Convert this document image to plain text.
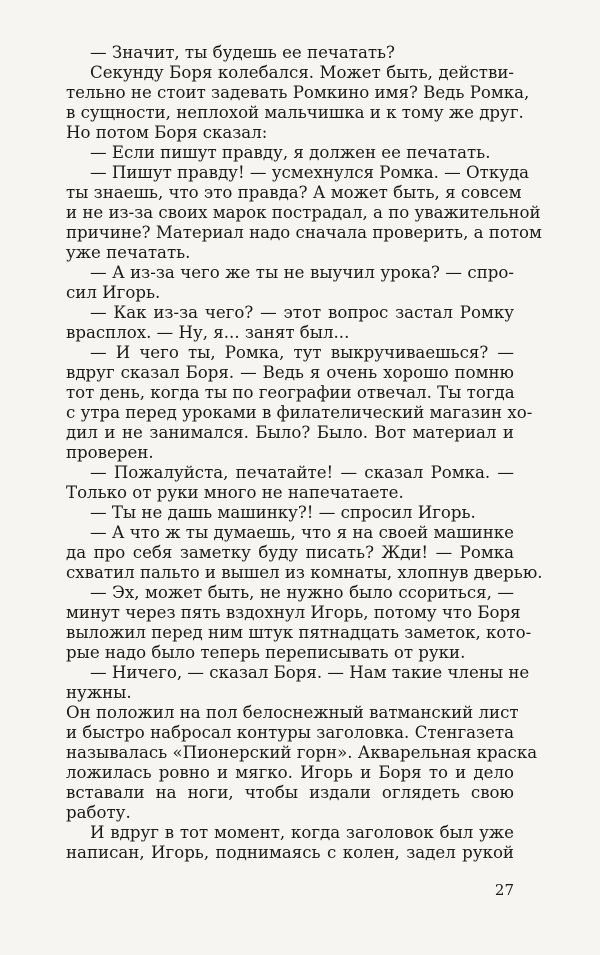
— Значит, ты будешь ее печатать?
Секунду Боря колебался. Может быть, действи-
тельно не стоит задевать Ромкино имя? Ведь Ромка,
в сущности, неплохой мальчишка и к тому же друг.
Но потом Боря сказал:
— Если пишут правду, я должен ее печатать.
— Пишут правду! — усмехнулся Ромка. — Откуда
ты знаешь, что это правда? А может быть, я совсем
и не из-за своих марок пострадал, а по уважительной
причине? Материал надо сначала проверить, а потом
уже печатать.
— А из-за чего же ты не выучил урока? — спро-
сил Игорь.
— Как из-за чего? — этот вопрос застал Ромку
врасплох. — Ну, я... занят был...
— И чего ты, Ромка, тут выкручиваешься? —
вдруг сказал Боря. — Ведь я очень хорошо помню
тот день, когда ты по географии отвечал. Ты тогда
с утра перед уроками в филателический магазин хо-
дил и не занимался. Было? Было. Вот материал и
проверен.
— Пожалуйста, печатайте! — сказал Ромка. —
Только от руки много не напечатаете.
— Ты не дашь машинку?! — спросил Игорь.
— А что ж ты думаешь, что я на своей машинке
да про себя заметку буду писать? Жди! — Ромка
схватил пальто и вышел из комнаты, хлопнув дверью.
— Эх, может быть, не нужно было ссориться, —
минут через пять вздохнул Игорь, потому что Боря
выложил перед ним штук пятнадцать заметок, кото-
рые надо было теперь переписывать от руки.
— Ничего, — сказал Боря. — Нам такие члены не
нужны.
Он положил на пол белоснежный ватманский лист
и быстро набросал контуры заголовка. Стенгазета
называлась «Пионерский горн». Акварельная краска
ложилась ровно и мягко. Игорь и Боря то и дело
вставали на ноги, чтобы издали оглядеть свою
работу.
И вдруг в тот момент, когда заголовок был уже
написан, Игорь, поднимаясь с колен, задел рукой
27
